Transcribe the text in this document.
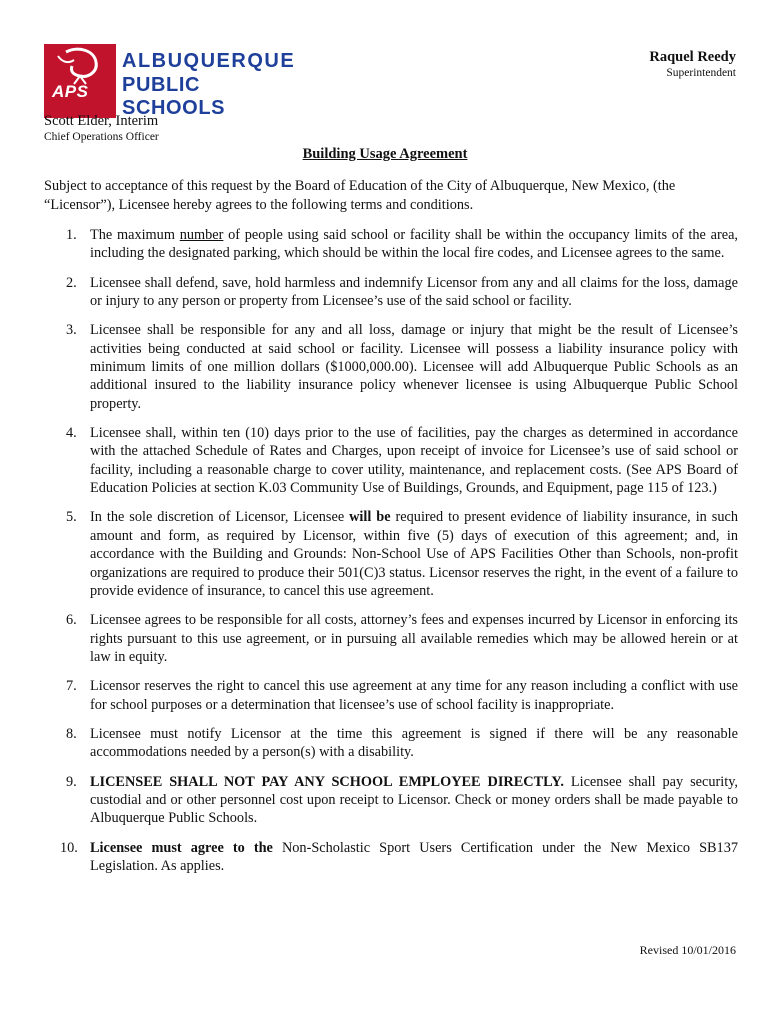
APS
ALBUQUERQUE
PUBLIC SCHOOLS
Raquel Reedy
Superintendent
Scott Elder, Interim
Chief Operations Officer
Building Usage Agreement
Subject to acceptance of this request by the Board of Education of the City of Albuquerque, New Mexico, (the “Licensor”), Licensee hereby agrees to the following terms and conditions.
1. The maximum number of people using said school or facility shall be within the occupancy limits of the area, including the designated parking, which should be within the local fire codes, and Licensee agrees to the same.
2. Licensee shall defend, save, hold harmless and indemnify Licensor from any and all claims for the loss, damage or injury to any person or property from Licensee’s use of the said school or facility.
3. Licensee shall be responsible for any and all loss, damage or injury that might be the result of Licensee’s activities being conducted at said school or facility. Licensee will possess a liability insurance policy with minimum limits of one million dollars ($1000,000.00). Licensee will add Albuquerque Public Schools as an additional insured to the liability insurance policy whenever licensee is using Albuquerque Public School property.
4. Licensee shall, within ten (10) days prior to the use of facilities, pay the charges as determined in accordance with the attached Schedule of Rates and Charges, upon receipt of invoice for Licensee’s use of said school or facility, including a reasonable charge to cover utility, maintenance, and replacement costs. (See APS Board of Education Policies at section K.03 Community Use of Buildings, Grounds, and Equipment, page 115 of 123.)
5. In the sole discretion of Licensor, Licensee will be required to present evidence of liability insurance, in such amount and form, as required by Licensor, within five (5) days of execution of this agreement; and, in accordance with the Building and Grounds: Non-School Use of APS Facilities Other than Schools, non-profit organizations are required to produce their 501(C)3 status. Licensor reserves the right, in the event of a failure to provide evidence of insurance, to cancel this use agreement.
6. Licensee agrees to be responsible for all costs, attorney’s fees and expenses incurred by Licensor in enforcing its rights pursuant to this use agreement, or in pursuing all available remedies which may be allowed herein or at law in equity.
7. Licensor reserves the right to cancel this use agreement at any time for any reason including a conflict with use for school purposes or a determination that licensee’s use of school facility is inappropriate.
8. Licensee must notify Licensor at the time this agreement is signed if there will be any reasonable accommodations needed by a person(s) with a disability.
9. LICENSEE SHALL NOT PAY ANY SCHOOL EMPLOYEE DIRECTLY. Licensee shall pay security, custodial and or other personnel cost upon receipt to Licensor. Check or money orders shall be made payable to Albuquerque Public Schools.
10. Licensee must agree to the Non-Scholastic Sport Users Certification under the New Mexico SB137 Legislation. As applies.
Revised 10/01/2016
